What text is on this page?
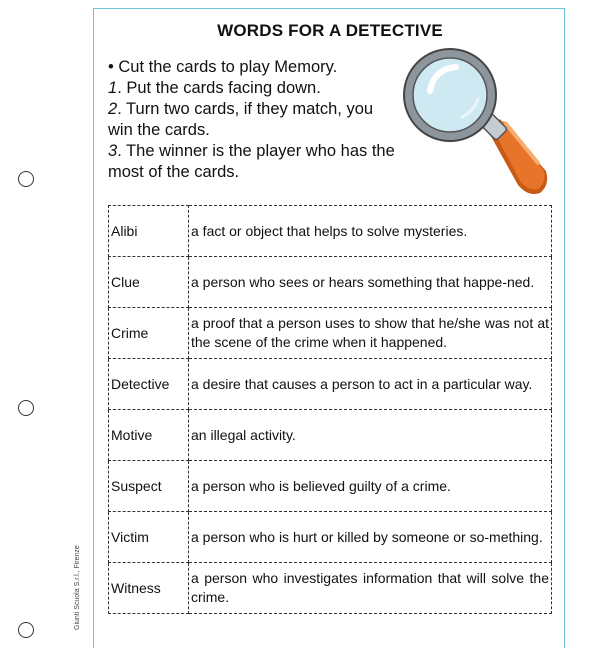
Giunti Scuola S.r.l., Firenze
WORDS FOR A DETECTIVE
• Cut the cards to play Memory.
1. Put the cards facing down.
2. Turn two cards, if they match, you win the cards.
3. The winner is the player who has the most of the cards.
Alibi	a fact or object that helps to solve mysteries.
Clue	a person who sees or hears something that happe-ned.
Crime	a proof that a person uses to show that he/she was not at the scene of the crime when it happened.
Detective	a desire that causes a person to act in a particular way.
Motive	an illegal activity.
Suspect	a person who is believed guilty of a crime.
Victim	a person who is hurt or killed by someone or so-mething.
Witness	a person who investigates information that will solve the crime.
